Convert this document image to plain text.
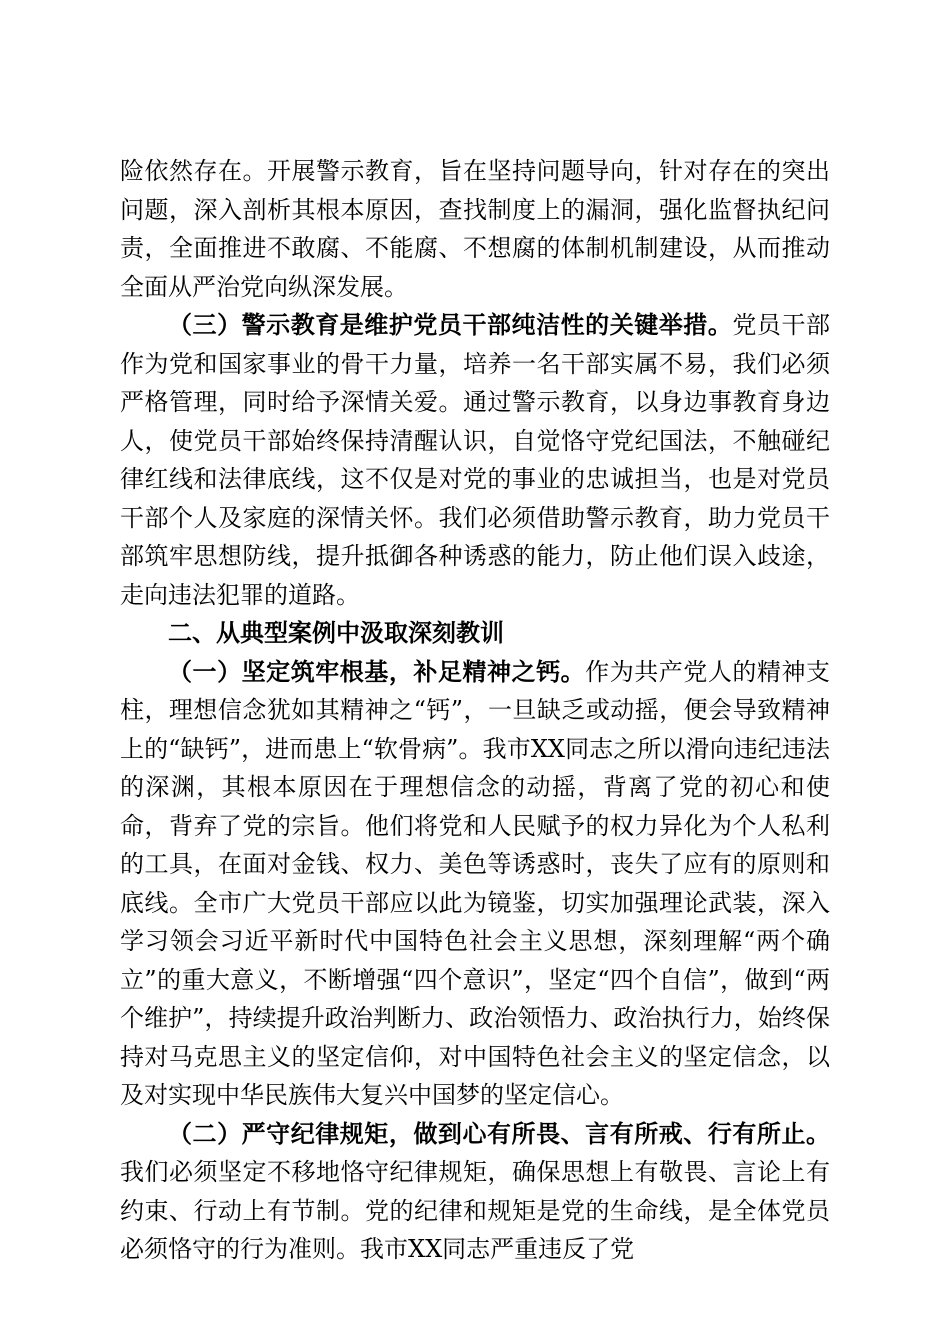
险依然存在。开展警示教育，旨在坚持问题导向，针对存在的突出问题，深入剖析其根本原因，查找制度上的漏洞，强化监督执纪问责，全面推进不敢腐、不能腐、不想腐的体制机制建设，从而推动全面从严治党向纵深发展。

（三）警示教育是维护党员干部纯洁性的关键举措。党员干部作为党和国家事业的骨干力量，培养一名干部实属不易，我们必须严格管理，同时给予深情关爱。通过警示教育，以身边事教育身边人，使党员干部始终保持清醒认识，自觉恪守党纪国法，不触碰纪律红线和法律底线，这不仅是对党的事业的忠诚担当，也是对党员干部个人及家庭的深情关怀。我们必须借助警示教育，助力党员干部筑牢思想防线，提升抵御各种诱惑的能力，防止他们误入歧途，走向违法犯罪的道路。

二、从典型案例中汲取深刻教训

（一）坚定筑牢根基，补足精神之钙。作为共产党人的精神支柱，理想信念犹如其精神之“钙”，一旦缺乏或动摇，便会导致精神上的“缺钙”，进而患上“软骨病”。我市XX同志之所以滑向违纪违法的深渊，其根本原因在于理想信念的动摇，背离了党的初心和使命，背弃了党的宗旨。他们将党和人民赋予的权力异化为个人私利的工具，在面对金钱、权力、美色等诱惑时，丧失了应有的原则和底线。全市广大党员干部应以此为镜鉴，切实加强理论武装，深入学习领会习近平新时代中国特色社会主义思想，深刻理解“两个确立”的重大意义，不断增强“四个意识”，坚定“四个自信”，做到“两个维护”，持续提升政治判断力、政治领悟力、政治执行力，始终保持对马克思主义的坚定信仰，对中国特色社会主义的坚定信念，以及对实现中华民族伟大复兴中国梦的坚定信心。

（二）严守纪律规矩，做到心有所畏、言有所戒、行有所止。我们必须坚定不移地恪守纪律规矩，确保思想上有敬畏、言论上有约束、行动上有节制。党的纪律和规矩是党的生命线，是全体党员必须恪守的行为准则。我市XX同志严重违反了党
